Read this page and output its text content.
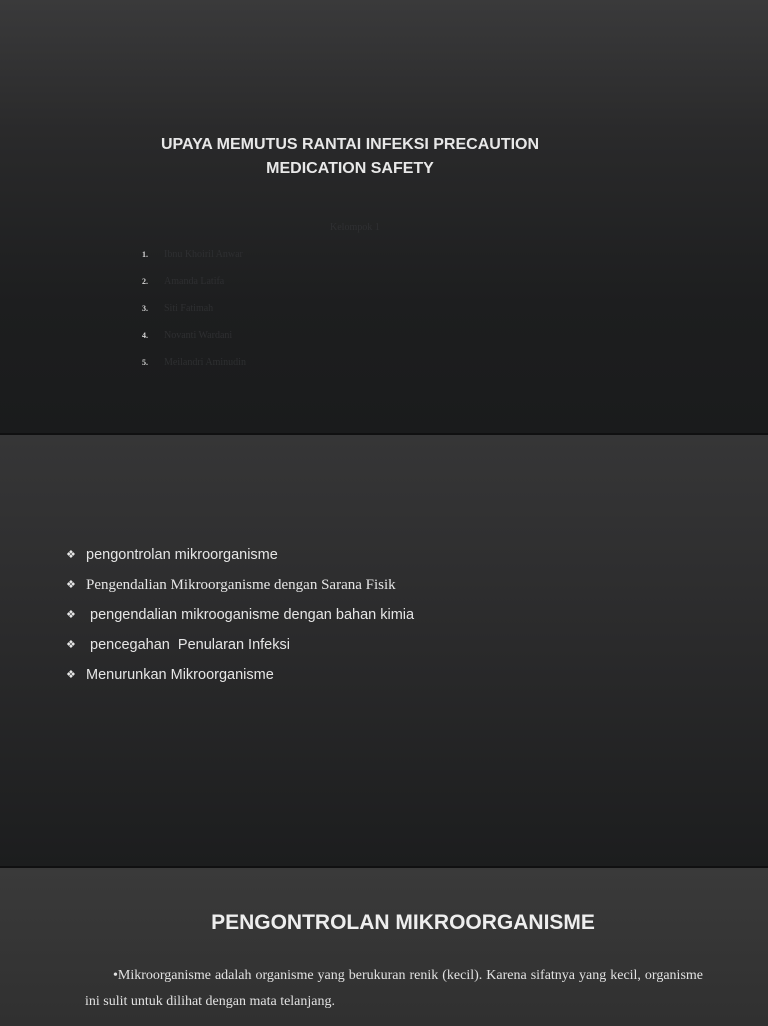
UPAYA MEMUTUS RANTAI INFEKSI PRECAUTION
MEDICATION SAFETY
Kelompok 1
1.	Ibnu Khoiril Anwar
2.	Amanda Latifa
3.	Siti Fatimah
4.	Novanti Wardani
5.	Meilandri Aminudin
❖ pengontrolan mikroorganisme
❖ Pengendalian Mikroorganisme dengan Sarana Fisik
❖ pengendalian mikrooganisme dengan bahan kimia
❖ pencegahan  Penularan Infeksi
❖ Menurunkan Mikroorganisme
PENGONTROLAN MIKROORGANISME
•Mikroorganisme adalah organisme yang berukuran renik (kecil). Karena sifatnya yang kecil, organisme ini sulit untuk dilihat dengan mata telanjang.
